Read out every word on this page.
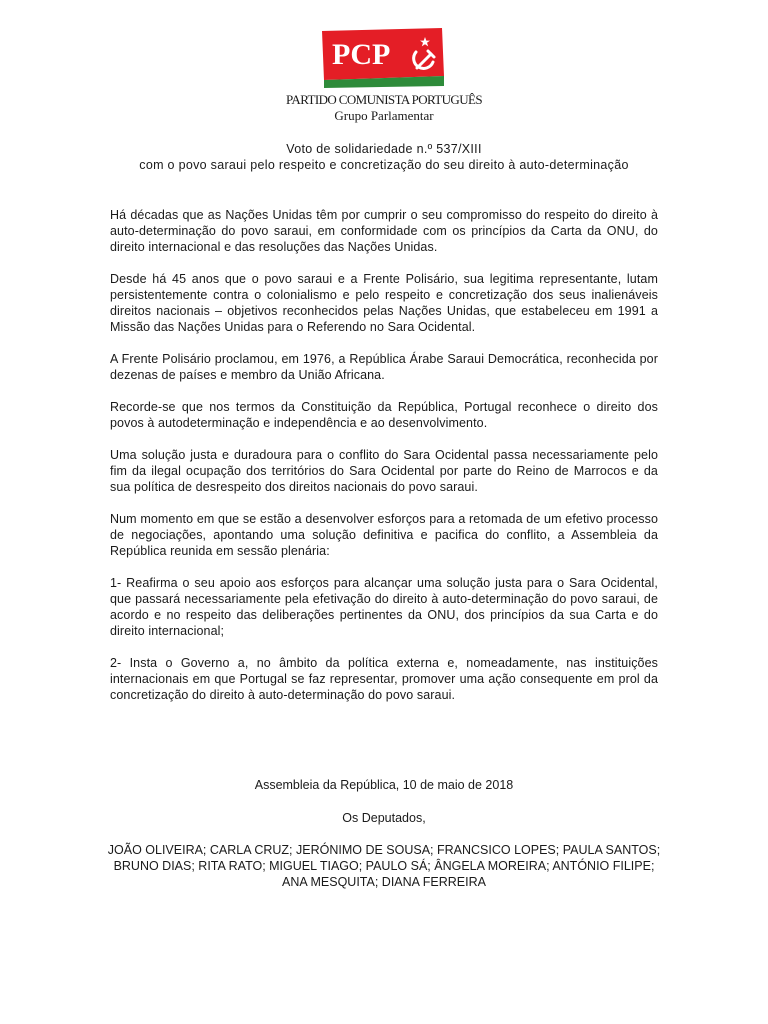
PCP
PARTIDO COMUNISTA PORTUGUÊS
Grupo Parlamentar
Voto de solidariedade n.º 537/XIII
com o povo saraui pelo respeito e concretização do seu direito à auto-determinação

Há décadas que as Nações Unidas têm por cumprir o seu compromisso do respeito do direito à auto-determinação do povo saraui, em conformidade com os princípios da Carta da ONU, do direito internacional e das resoluções das Nações Unidas.

Desde há 45 anos que o povo saraui e a Frente Polisário, sua legitima representante, lutam persistentemente contra o colonialismo e pelo respeito e concretização dos seus inalienáveis direitos nacionais – objetivos reconhecidos pelas Nações Unidas, que estabeleceu em 1991 a Missão das Nações Unidas para o Referendo no Sara Ocidental.

A Frente Polisário proclamou, em 1976, a República Árabe Saraui Democrática, reconhecida por dezenas de países e membro da União Africana.

Recorde-se que nos termos da Constituição da República, Portugal reconhece o direito dos povos à autodeterminação e independência e ao desenvolvimento.

Uma solução justa e duradoura para o conflito do Sara Ocidental passa necessariamente pelo fim da ilegal ocupação dos territórios do Sara Ocidental por parte do Reino de Marrocos e da sua política de desrespeito dos direitos nacionais do povo saraui.

Num momento em que se estão a desenvolver esforços para a retomada de um efetivo processo de negociações, apontando uma solução definitiva e pacifica do conflito, a Assembleia da República reunida em sessão plenária:

1- Reafirma o seu apoio aos esforços para alcançar uma solução justa para o Sara Ocidental, que passará necessariamente pela efetivação do direito à auto-determinação do povo saraui, de acordo e no respeito das deliberações pertinentes da ONU, dos princípios da sua Carta e do direito internacional;

2- Insta o Governo a, no âmbito da política externa e, nomeadamente, nas instituições internacionais em que Portugal se faz representar, promover uma ação consequente em prol da concretização do direito à auto-determinação do povo saraui.

Assembleia da República, 10 de maio de 2018
Os Deputados,
JOÃO OLIVEIRA; CARLA CRUZ; JERÓNIMO DE SOUSA; FRANCSICO LOPES; PAULA SANTOS;
BRUNO DIAS; RITA RATO; MIGUEL TIAGO; PAULO SÁ; ÂNGELA MOREIRA; ANTÓNIO FILIPE;
ANA MESQUITA; DIANA FERREIRA
